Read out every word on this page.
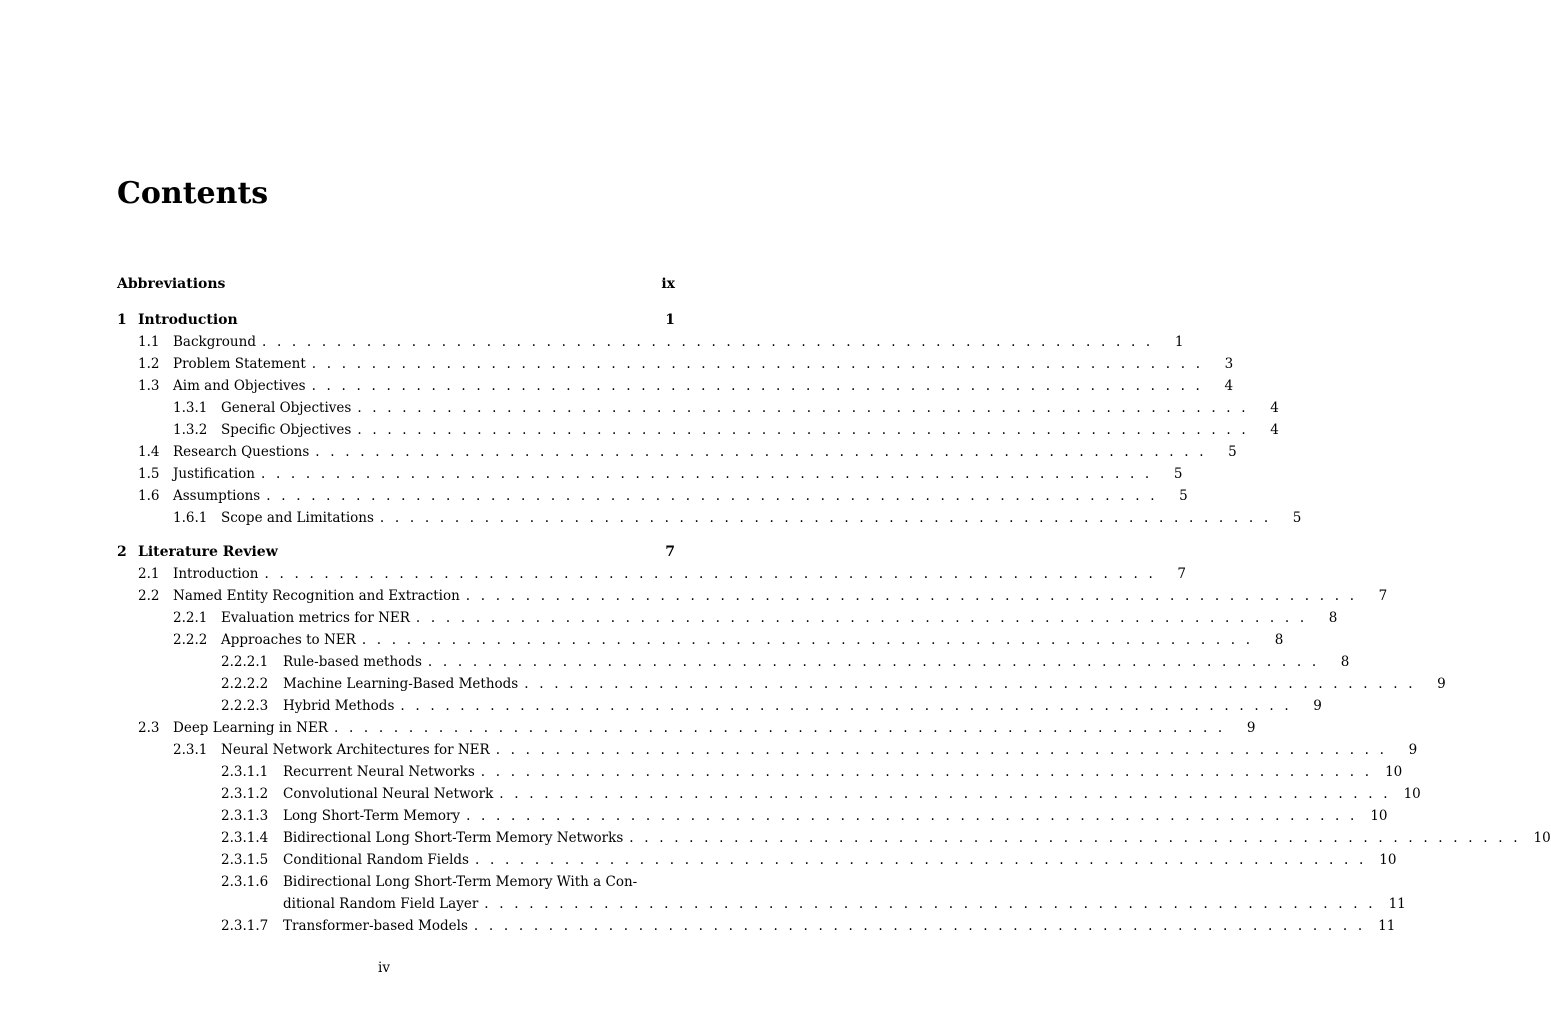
Contents
Abbreviations	ix
1 Introduction	1
1.1	Background . . . . . . . . . . . . . . . . . . . . . . . . . . . . . . . . . . . . . . . . . . . . . . . . . . . . . . . . . . . .	1
1.2	Problem Statement . . . . . . . . . . . . . . . . . . . . . . . . . . . . . . . . . . . . . . . . . . . . . . . . . . . . . . . . . . . .	3
1.3	Aim and Objectives . . . . . . . . . . . . . . . . . . . . . . . . . . . . . . . . . . . . . . . . . . . . . . . . . . . . . . . . . . . .	4
1.3.1	General Objectives . . . . . . . . . . . . . . . . . . . . . . . . . . . . . . . . . . . . . . . . . . . . . . . . . . . . . . . . . . . .	4
1.3.2	Specific Objectives . . . . . . . . . . . . . . . . . . . . . . . . . . . . . . . . . . . . . . . . . . . . . . . . . . . . . . . . . . . .	4
1.4	Research Questions . . . . . . . . . . . . . . . . . . . . . . . . . . . . . . . . . . . . . . . . . . . . . . . . . . . . . . . . . . . .	5
1.5	Justification . . . . . . . . . . . . . . . . . . . . . . . . . . . . . . . . . . . . . . . . . . . . . . . . . . . . . . . . . . . .	5
1.6	Assumptions . . . . . . . . . . . . . . . . . . . . . . . . . . . . . . . . . . . . . . . . . . . . . . . . . . . . . . . . . . . .	5
1.6.1	Scope and Limitations . . . . . . . . . . . . . . . . . . . . . . . . . . . . . . . . . . . . . . . . . . . . . . . . . . . . . . . . . . . .	5
2 Literature Review	7
2.1	Introduction . . . . . . . . . . . . . . . . . . . . . . . . . . . . . . . . . . . . . . . . . . . . . . . . . . . . . . . . . . . .	7
2.2	Named Entity Recognition and Extraction . . . . . . . . . . . . . . . . . . . . . . . . . . . . . . . . . . . . . . . . . . . . . . . . . . . . . . . . . . . .	7
2.2.1	Evaluation metrics for NER . . . . . . . . . . . . . . . . . . . . . . . . . . . . . . . . . . . . . . . . . . . . . . . . . . . . . . . . . . . .	8
2.2.2	Approaches to NER . . . . . . . . . . . . . . . . . . . . . . . . . . . . . . . . . . . . . . . . . . . . . . . . . . . . . . . . . . . .	8
2.2.2.1	Rule-based methods . . . . . . . . . . . . . . . . . . . . . . . . . . . . . . . . . . . . . . . . . . . . . . . . . . . . . . . . . . . .	8
2.2.2.2	Machine Learning-Based Methods . . . . . . . . . . . . . . . . . . . . . . . . . . . . . . . . . . . . . . . . . . . . . . . . . . . . . . . . . . . .	9
2.2.2.3	Hybrid Methods . . . . . . . . . . . . . . . . . . . . . . . . . . . . . . . . . . . . . . . . . . . . . . . . . . . . . . . . . . . .	9
2.3	Deep Learning in NER . . . . . . . . . . . . . . . . . . . . . . . . . . . . . . . . . . . . . . . . . . . . . . . . . . . . . . . . . . . .	9
2.3.1	Neural Network Architectures for NER . . . . . . . . . . . . . . . . . . . . . . . . . . . . . . . . . . . . . . . . . . . . . . . . . . . . . . . . . . . .	9
2.3.1.1	Recurrent Neural Networks . . . . . . . . . . . . . . . . . . . . . . . . . . . . . . . . . . . . . . . . . . . . . . . . . . . . . . . . . . . . 10
2.3.1.2	Convolutional Neural Network . . . . . . . . . . . . . . . . . . . . . . . . . . . . . . . . . . . . . . . . . . . . . . . . . . . . . . . . . . . . 10
2.3.1.3	Long Short-Term Memory . . . . . . . . . . . . . . . . . . . . . . . . . . . . . . . . . . . . . . . . . . . . . . . . . . . . . . . . . . . . 10
2.3.1.4	Bidirectional Long Short-Term Memory Networks . . . . . . . . . . . . . . . . . . . . . . . . . . . . . . . . . . . . . . . . . . . . . . . . . . . . . . . . . . . . 10
2.3.1.5	Conditional Random Fields . . . . . . . . . . . . . . . . . . . . . . . . . . . . . . . . . . . . . . . . . . . . . . . . . . . . . . . . . . . . 10
2.3.1.6	Bidirectional Long Short-Term Memory With a Con-
ditional Random Field Layer . . . . . . . . . . . . . . . . . . . . . . . . . . . . . . . . . . . . . . . . . . . . . . . . . . . . . . . . . . . . 11
2.3.1.7	Transformer-based Models . . . . . . . . . . . . . . . . . . . . . . . . . . . . . . . . . . . . . . . . . . . . . . . . . . . . . . . . . . . . 11
iv
